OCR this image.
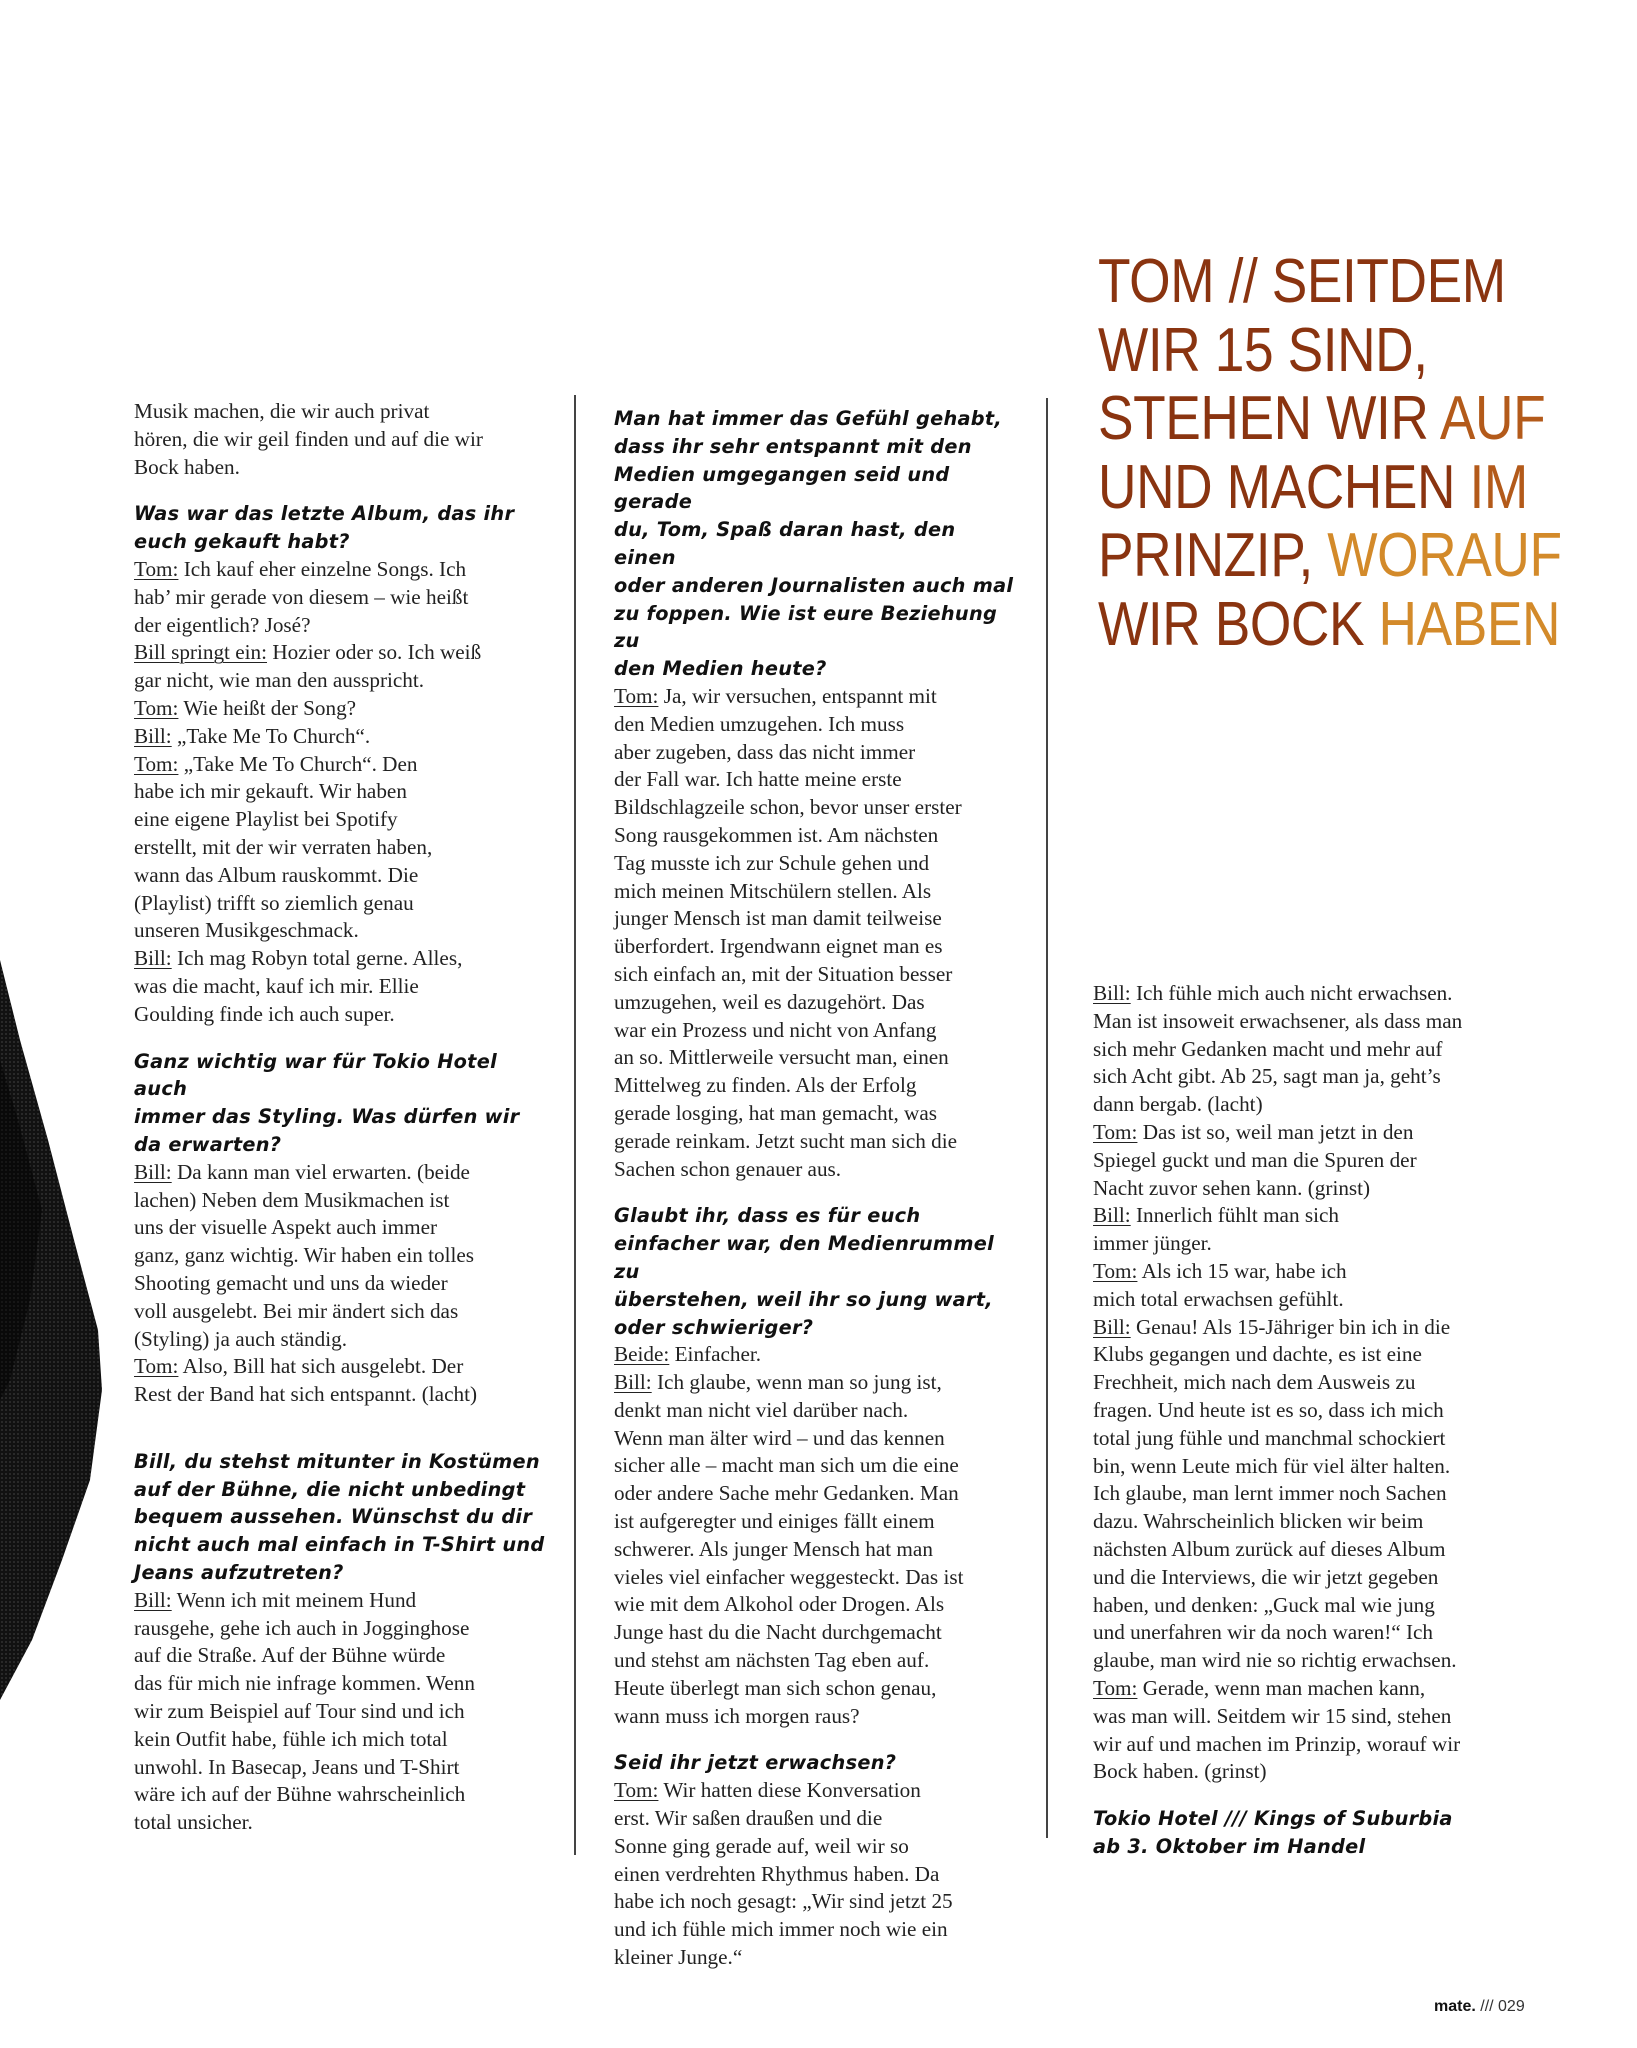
TOM // SEITDEM
WIR 15 SIND,
STEHEN WIR AUF
UND MACHEN IM
PRINZIP, WORAUF
WIR BOCK HABEN
Musik machen, die wir auch privat
hören, die wir geil finden und auf die wir
Bock haben.
Was war das letzte Album, das ihr
euch gekauft habt?
Tom: Ich kauf eher einzelne Songs. Ich
hab’ mir gerade von diesem – wie heißt
der eigentlich? José?
Bill springt ein: Hozier oder so. Ich weiß
gar nicht, wie man den ausspricht.
Tom: Wie heißt der Song?
Bill: „Take Me To Church“.
Tom: „Take Me To Church“. Den
habe ich mir gekauft. Wir haben
eine eigene Playlist bei Spotify
erstellt, mit der wir verraten haben,
wann das Album rauskommt. Die
(Playlist) trifft so ziemlich genau
unseren Musikgeschmack.
Bill: Ich mag Robyn total gerne. Alles,
was die macht, kauf ich mir. Ellie
Goulding finde ich auch super.
Ganz wichtig war für Tokio Hotel auch
immer das Styling. Was dürfen wir
da erwarten?
Bill: Da kann man viel erwarten. (beide
lachen) Neben dem Musikmachen ist
uns der visuelle Aspekt auch immer
ganz, ganz wichtig. Wir haben ein tolles
Shooting gemacht und uns da wieder
voll ausgelebt. Bei mir ändert sich das
(Styling) ja auch ständig.
Tom: Also, Bill hat sich ausgelebt. Der
Rest der Band hat sich entspannt. (lacht)
Bill, du stehst mitunter in Kostümen
auf der Bühne, die nicht unbedingt
bequem aussehen. Wünschst du dir
nicht auch mal einfach in T-Shirt und
Jeans aufzutreten?
Bill: Wenn ich mit meinem Hund
rausgehe, gehe ich auch in Jogginghose
auf die Straße. Auf der Bühne würde
das für mich nie infrage kommen. Wenn
wir zum Beispiel auf Tour sind und ich
kein Outfit habe, fühle ich mich total
unwohl. In Basecap, Jeans und T-Shirt
wäre ich auf der Bühne wahrscheinlich
total unsicher.
Man hat immer das Gefühl gehabt,
dass ihr sehr entspannt mit den
Medien umgegangen seid und gerade
du, Tom, Spaß daran hast, den einen
oder anderen Journalisten auch mal
zu foppen. Wie ist eure Beziehung zu
den Medien heute?
Tom: Ja, wir versuchen, entspannt mit
den Medien umzugehen. Ich muss
aber zugeben, dass das nicht immer
der Fall war. Ich hatte meine erste
Bildschlagzeile schon, bevor unser erster
Song rausgekommen ist. Am nächsten
Tag musste ich zur Schule gehen und
mich meinen Mitschülern stellen. Als
junger Mensch ist man damit teilweise
überfordert. Irgendwann eignet man es
sich einfach an, mit der Situation besser
umzugehen, weil es dazugehört. Das
war ein Prozess und nicht von Anfang
an so. Mittlerweile versucht man, einen
Mittelweg zu finden. Als der Erfolg
gerade losging, hat man gemacht, was
gerade reinkam. Jetzt sucht man sich die
Sachen schon genauer aus.
Glaubt ihr, dass es für euch
einfacher war, den Medienrummel zu
überstehen, weil ihr so jung wart,
oder schwieriger?
Beide: Einfacher.
Bill: Ich glaube, wenn man so jung ist,
denkt man nicht viel darüber nach.
Wenn man älter wird – und das kennen
sicher alle – macht man sich um die eine
oder andere Sache mehr Gedanken. Man
ist aufgeregter und einiges fällt einem
schwerer. Als junger Mensch hat man
vieles viel einfacher weggesteckt. Das ist
wie mit dem Alkohol oder Drogen. Als
Junge hast du die Nacht durchgemacht
und stehst am nächsten Tag eben auf.
Heute überlegt man sich schon genau,
wann muss ich morgen raus?
Seid ihr jetzt erwachsen?
Tom: Wir hatten diese Konversation
erst. Wir saßen draußen und die
Sonne ging gerade auf, weil wir so
einen verdrehten Rhythmus haben. Da
habe ich noch gesagt: „Wir sind jetzt 25
und ich fühle mich immer noch wie ein
kleiner Junge.“
Bill: Ich fühle mich auch nicht erwachsen.
Man ist insoweit erwachsener, als dass man
sich mehr Gedanken macht und mehr auf
sich Acht gibt. Ab 25, sagt man ja, geht’s
dann bergab. (lacht)
Tom: Das ist so, weil man jetzt in den
Spiegel guckt und man die Spuren der
Nacht zuvor sehen kann. (grinst)
Bill: Innerlich fühlt man sich
immer jünger.
Tom: Als ich 15 war, habe ich
mich total erwachsen gefühlt.
Bill: Genau! Als 15-Jähriger bin ich in die
Klubs gegangen und dachte, es ist eine
Frechheit, mich nach dem Ausweis zu
fragen. Und heute ist es so, dass ich mich
total jung fühle und manchmal schockiert
bin, wenn Leute mich für viel älter halten.
Ich glaube, man lernt immer noch Sachen
dazu. Wahrscheinlich blicken wir beim
nächsten Album zurück auf dieses Album
und die Interviews, die wir jetzt gegeben
haben, und denken: „Guck mal wie jung
und unerfahren wir da noch waren!“ Ich
glaube, man wird nie so richtig erwachsen.
Tom: Gerade, wenn man machen kann,
was man will. Seitdem wir 15 sind, stehen
wir auf und machen im Prinzip, worauf wir
Bock haben. (grinst)
Tokio Hotel /// Kings of Suburbia
ab 3. Oktober im Handel
mate. /// 029
